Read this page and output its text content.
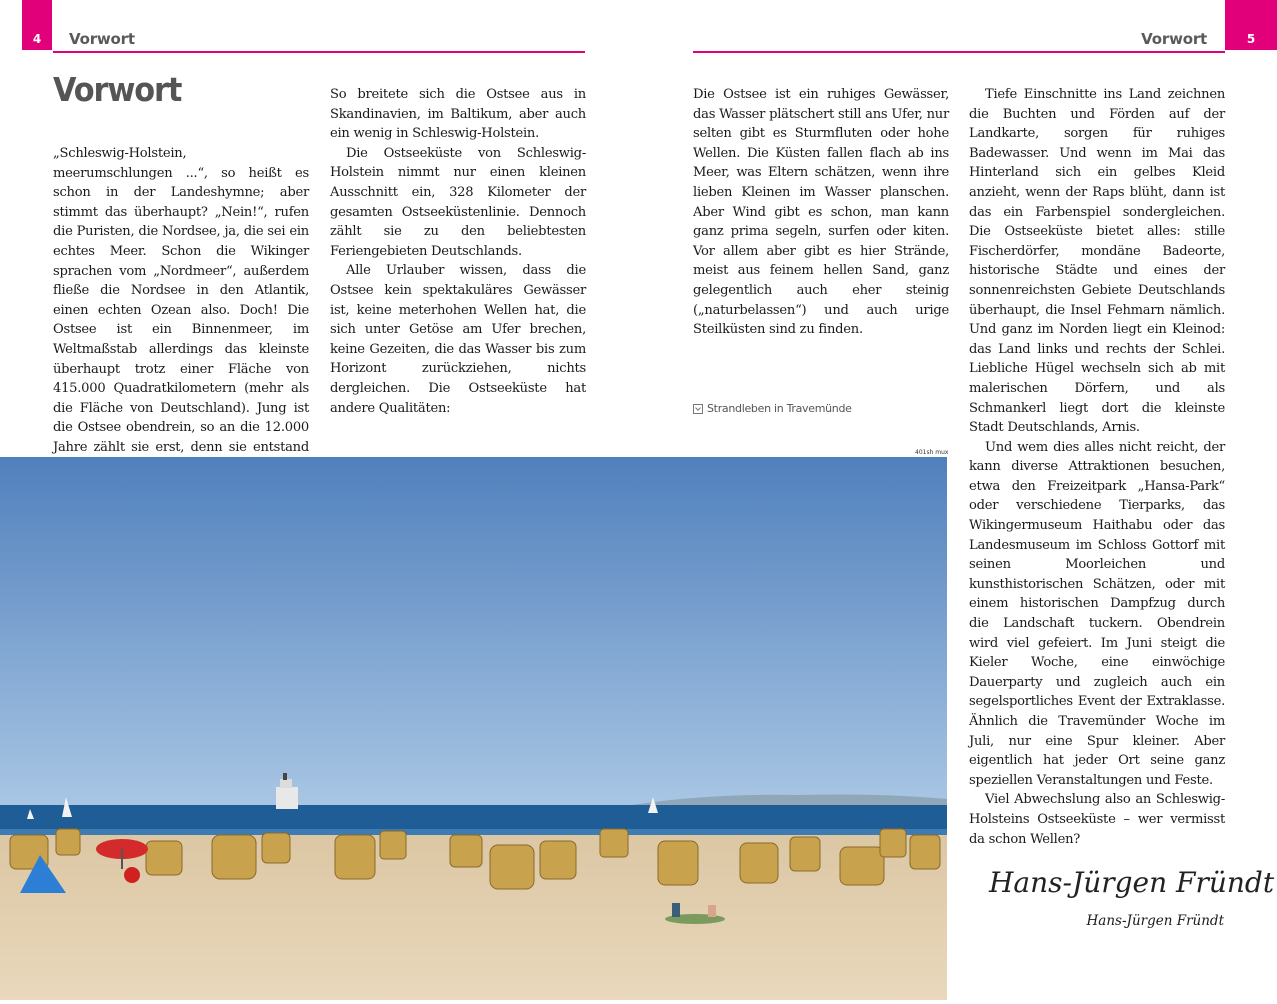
4 Vorwort	5
Vorwort
Vorwort

„Schleswig-Holstein, meerumschlungen ...“, so heißt es schon in der Landeshymne; aber stimmt das überhaupt? „Nein!“, rufen die Puristen, die Nordsee, ja, die sei ein echtes Meer. Schon die Wikinger sprachen vom „Nordmeer“, außerdem fließe die Nordsee in den Atlantik, einen echten Ozean also. Doch! Die Ostsee ist ein Binnenmeer, im Weltmaßstab allerdings das kleinste überhaupt trotz einer Fläche von 415.000 Quadratkilometern (mehr als die Fläche von Deutschland). Jung ist die Ostsee obendrein, so an die 12.000 Jahre zählt sie erst, denn sie entstand

So breitete sich die Ostsee aus in Skandinavien, im Baltikum, aber auch ein wenig in Schleswig-Holstein.

Die Ostseeküste von Schleswig-Holstein nimmt nur einen kleinen Ausschnitt ein, 328 Kilometer der gesamten Ostseeküstenlinie. Dennoch zählt sie zu den beliebtesten Feriengebieten Deutschlands.

Alle Urlauber wissen, dass die Ostsee kein spektakuläres Gewässer ist, keine meterhohen Wellen hat, die sich unter Getöse am Ufer brechen, keine Gezeiten, die das Wasser bis zum Horizont zurückziehen, nichts dergleichen. Die Ostseeküste hat andere Qualitäten:

Die Ostsee ist ein ruhiges Gewässer, das Wasser plätschert still ans Ufer, nur selten gibt es Sturmfluten oder hohe Wellen. Die Küsten fallen flach ab ins Meer, was Eltern schätzen, wenn ihre lieben Kleinen im Wasser planschen. Aber Wind gibt es schon, man kann ganz prima segeln, surfen oder kiten. Vor allem aber gibt es hier Strände, meist aus feinem hellen Sand, ganz gelegentlich auch eher steinig („naturbelassen“) und auch urige Steilküsten sind zu finden.

Tiefe Einschnitte ins Land zeichnen die Buchten und Förden auf der Landkarte, sorgen für ruhiges Badewasser. Und wenn im Mai das Hinterland sich ein gelbes Kleid anzieht, wenn der Raps blüht, dann ist das ein Farbenspiel sondergleichen. Die Ostseeküste bietet alles: stille Fischerdörfer, mondäne Badeorte, historische Städte und eines der sonnenreichsten Gebiete Deutschlands überhaupt, die Insel Fehmarn nämlich. Und ganz im Norden liegt ein Kleinod: das Land links und rechts der Schlei. Liebliche Hügel wechseln sich ab mit malerischen Dörfern, und als Schmankerl liegt dort die kleinste Stadt Deutschlands, Arnis.

Und wem dies alles nicht reicht, der kann diverse Attraktionen besuchen, etwa den Freizeitpark „Hansa-Park“ oder verschiedene Tierparks, das Wikingermuseum Haithabu oder das Landesmuseum im Schloss Gottorf mit seinen Moorleichen und kunsthistorischen Schätzen, oder mit einem historischen Dampfzug durch die Landschaft tuckern. Obendrein wird viel gefeiert. Im Juni steigt die Kieler Woche, eine einwöchige Dauerparty und zugleich auch ein segelsportliches Event der Extraklasse. Ähnlich die Travemünder Woche im Juli, nur eine Spur kleiner. Aber eigentlich hat jeder Ort seine ganz speziellen Veranstaltungen und Feste.

Viel Abwechslung also an Schleswig-Holsteins Ostseeküste – wer vermisst da schon Wellen?

Strandleben in Travemünde
401sh mux
Hans-Jürgen Fründt
Hans-Jürgen Fründt
